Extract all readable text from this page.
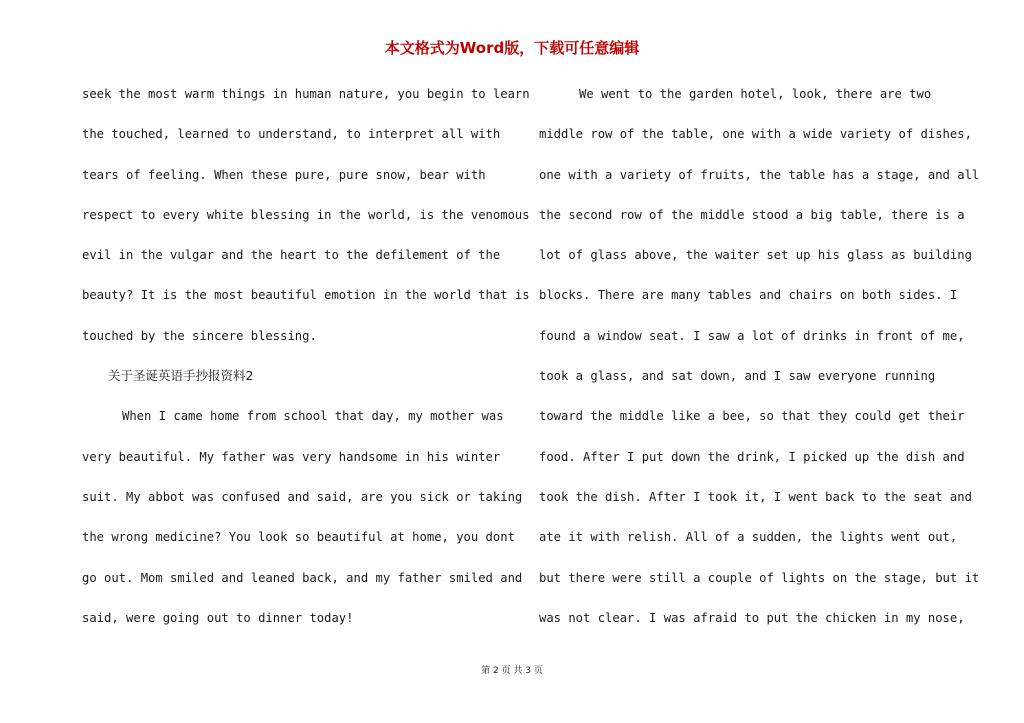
本文格式为Word版，下载可任意编辑
seek the most warm things in human nature, you begin to learn
the touched, learned to understand, to interpret all with
tears of feeling. When these pure, pure snow, bear with
respect to every white blessing in the world, is the venomous
evil in the vulgar and the heart to the defilement of the
beauty? It is the most beautiful emotion in the world that is
touched by the sincere blessing.
关于圣诞英语手抄报资料2
When I came home from school that day, my mother was
very beautiful. My father was very handsome in his winter
suit. My abbot was confused and said, are you sick or taking
the wrong medicine? You look so beautiful at home, you dont
go out. Mom smiled and leaned back, and my father smiled and
said, were going out to dinner today!
We went to the garden hotel, look, there are two
middle row of the table, one with a wide variety of dishes,
one with a variety of fruits, the table has a stage, and all
the second row of the middle stood a big table, there is a
lot of glass above, the waiter set up his glass as building
blocks. There are many tables and chairs on both sides. I
found a window seat. I saw a lot of drinks in front of me,
took a glass, and sat down, and I saw everyone running
toward the middle like a bee, so that they could get their
food. After I put down the drink, I picked up the dish and
took the dish. After I took it, I went back to the seat and
ate it with relish. All of a sudden, the lights went out,
but there were still a couple of lights on the stage, but it
was not clear. I was afraid to put the chicken in my nose,
第 2 页 共 3 页
